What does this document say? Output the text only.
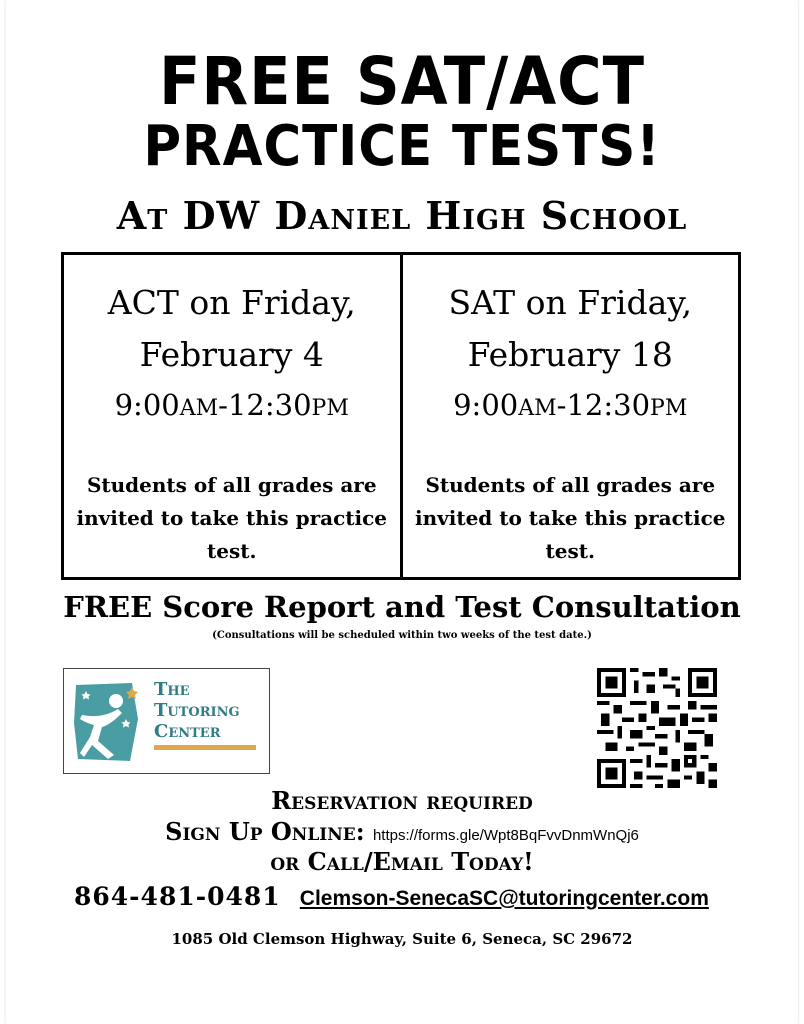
FREE SAT/ACT
PRACTICE TESTS!
At DW Daniel High School
ACT on Friday,
February 4
9:00AM-12:30PM
Students of all grades are invited to take this practice test.
SAT on Friday,
February 18
9:00AM-12:30PM
Students of all grades are invited to take this practice test.
FREE Score Report and Test Consultation
(Consultations will be scheduled within two weeks of the test date.)
The
Tutoring
Center
Reservation required
Sign Up Online: https://forms.gle/Wpt8BqFvvDnmWnQj6
or Call/Email Today!
864-481-0481 Clemson-SenecaSC@tutoringcenter.com
1085 Old Clemson Highway, Suite 6, Seneca, SC 29672
